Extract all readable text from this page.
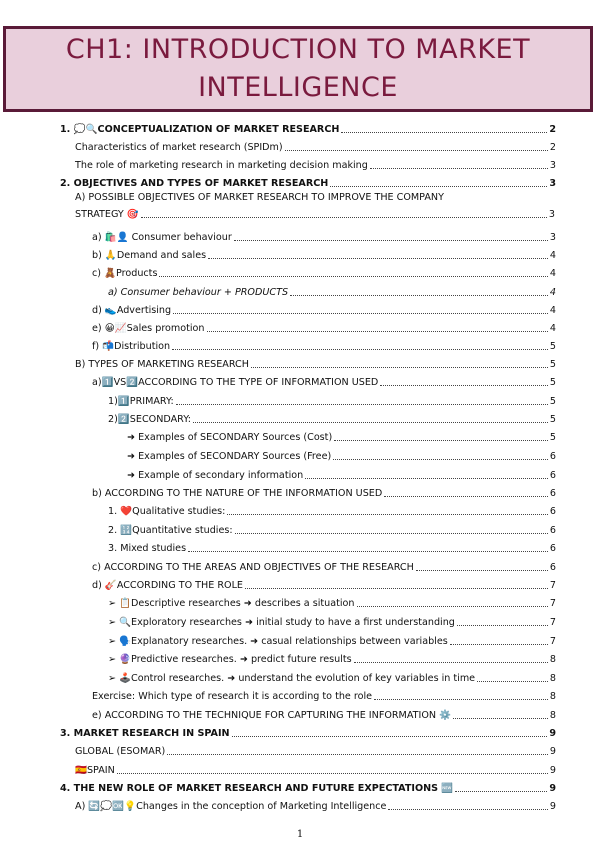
CH1: INTRODUCTION TO MARKET
INTELLIGENCE
1. 💭🔍CONCEPTUALIZATION OF MARKET RESEARCH	2
Characteristics of market research (SPIDm)	2
The role of marketing research in marketing decision making	3
2. OBJECTIVES AND TYPES OF MARKET RESEARCH	3
A) POSSIBLE OBJECTIVES OF MARKET RESEARCH TO IMPROVE THE COMPANY
STRATEGY 🎯	3
a) 🛍️👤 Consumer behaviour	3
b) 🙏Demand and sales	4
c) 🧸Products	4
a) Consumer behaviour + PRODUCTS	4
d) 👟Advertising	4
e) 😀📈Sales promotion	4
f) 📬Distribution	5
B) TYPES OF MARKETING RESEARCH	5
a)1️⃣VS2️⃣ACCORDING TO THE TYPE OF INFORMATION USED	5
1)1️⃣PRIMARY:	5
2)2️⃣SECONDARY:	5
➜ Examples of SECONDARY Sources (Cost)	5
➜ Examples of SECONDARY Sources (Free)	6
➜ Example of secondary information	6
b) ACCORDING TO THE NATURE OF THE INFORMATION USED	6
1. ❤️Qualitative studies:	6
2. 🔢Quantitative studies:	6
3. Mixed studies	6
c) ACCORDING TO THE AREAS AND OBJECTIVES OF THE RESEARCH	6
d) 🎸ACCORDING TO THE ROLE	7
➢ 📋Descriptive researches ➜ describes a situation	7
➢ 🔍Exploratory researches ➜ initial study to have a first understanding	7
➢ 🗣️Explanatory researches. ➜ casual relationships between variables	7
➢ 🔮Predictive researches. ➜ predict future results	8
➢ 🕹️Control researches. ➜ understand the evolution of key variables in time	8
Exercise: Which type of research it is according to the role	8
e) ACCORDING TO THE TECHNIQUE FOR CAPTURING THE INFORMATION ⚙️	8
3. MARKET RESEARCH IN SPAIN	9
GLOBAL (ESOMAR)	9
🇪🇸SPAIN	9
4. THE NEW ROLE OF MARKET RESEARCH AND FUTURE EXPECTATIONS 🆕	9
A) 🔄💭🆗💡Changes in the conception of Marketing Intelligence	9
1
